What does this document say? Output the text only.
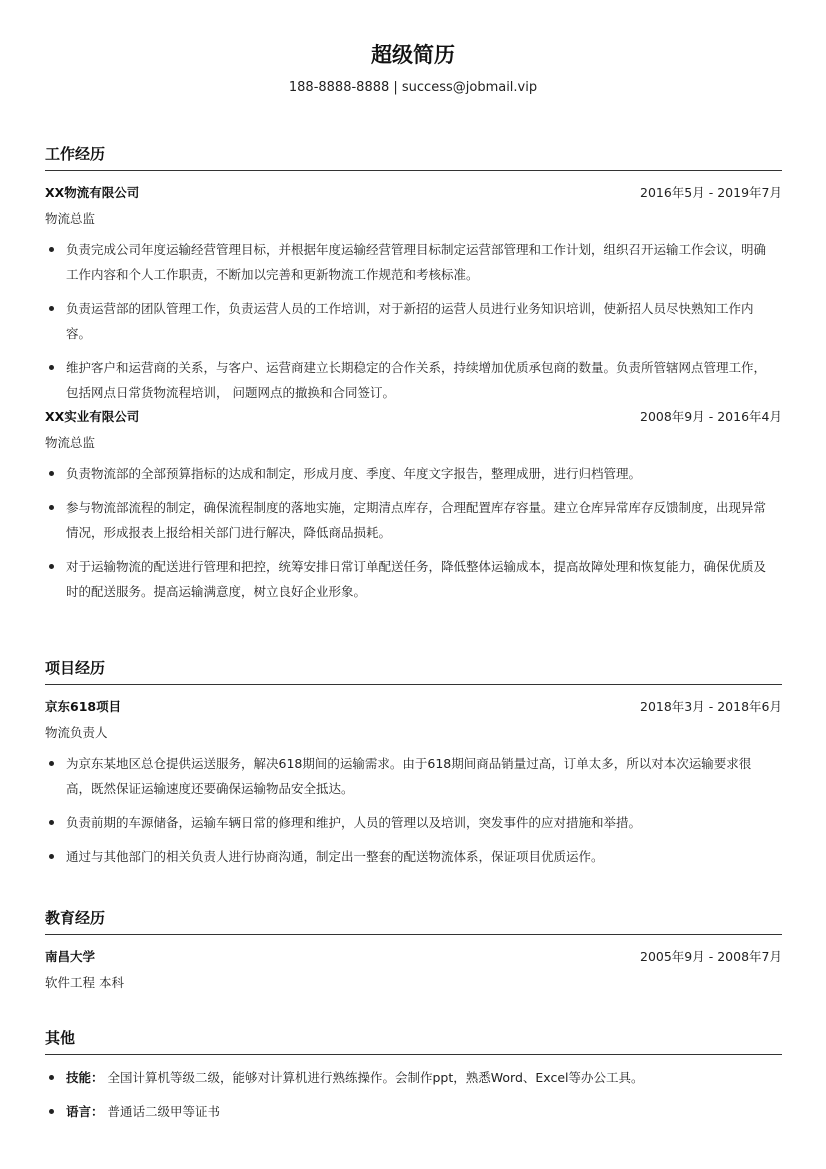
超级简历
188-8888-8888 | success@jobmail.vip
工作经历
XX物流有限公司	2016年5月 - 2019年7月
物流总监
负责完成公司年度运输经营管理目标，并根据年度运输经营管理目标制定运营部管理和工作计划，组织召开运输工作会议，明确工作内容和个人工作职责，不断加以完善和更新物流工作规范和考核标准。
负责运营部的团队管理工作，负责运营人员的工作培训，对于新招的运营人员进行业务知识培训，使新招人员尽快熟知工作内容。
维护客户和运营商的关系，与客户、运营商建立长期稳定的合作关系，持续增加优质承包商的数量。负责所管辖网点管理工作， 包括网点日常货物流程培训， 问题网点的撤换和合同签订。
XX实业有限公司	2008年9月 - 2016年4月
物流总监
负责物流部的全部预算指标的达成和制定，形成月度、季度、年度文字报告，整理成册，进行归档管理。
参与物流部流程的制定，确保流程制度的落地实施，定期清点库存，合理配置库存容量。建立仓库异常库存反馈制度，出现异常情况，形成报表上报给相关部门进行解决，降低商品损耗。
对于运输物流的配送进行管理和把控，统筹安排日常订单配送任务，降低整体运输成本，提高故障处理和恢复能力，确保优质及时的配送服务。提高运输满意度，树立良好企业形象。
项目经历
京东618项目	2018年3月 - 2018年6月
物流负责人
为京东某地区总仓提供运送服务，解决618期间的运输需求。由于618期间商品销量过高，订单太多，所以对本次运输要求很高，既然保证运输速度还要确保运输物品安全抵达。
负责前期的车源储备，运输车辆日常的修理和维护，人员的管理以及培训，突发事件的应对措施和举措。
通过与其他部门的相关负责人进行协商沟通，制定出一整套的配送物流体系，保证项目优质运作。
教育经历
南昌大学	2005年9月 - 2008年7月
软件工程 本科
其他
技能： 全国计算机等级二级，能够对计算机进行熟练操作。会制作ppt，熟悉Word、Excel等办公工具。
语言： 普通话二级甲等证书
